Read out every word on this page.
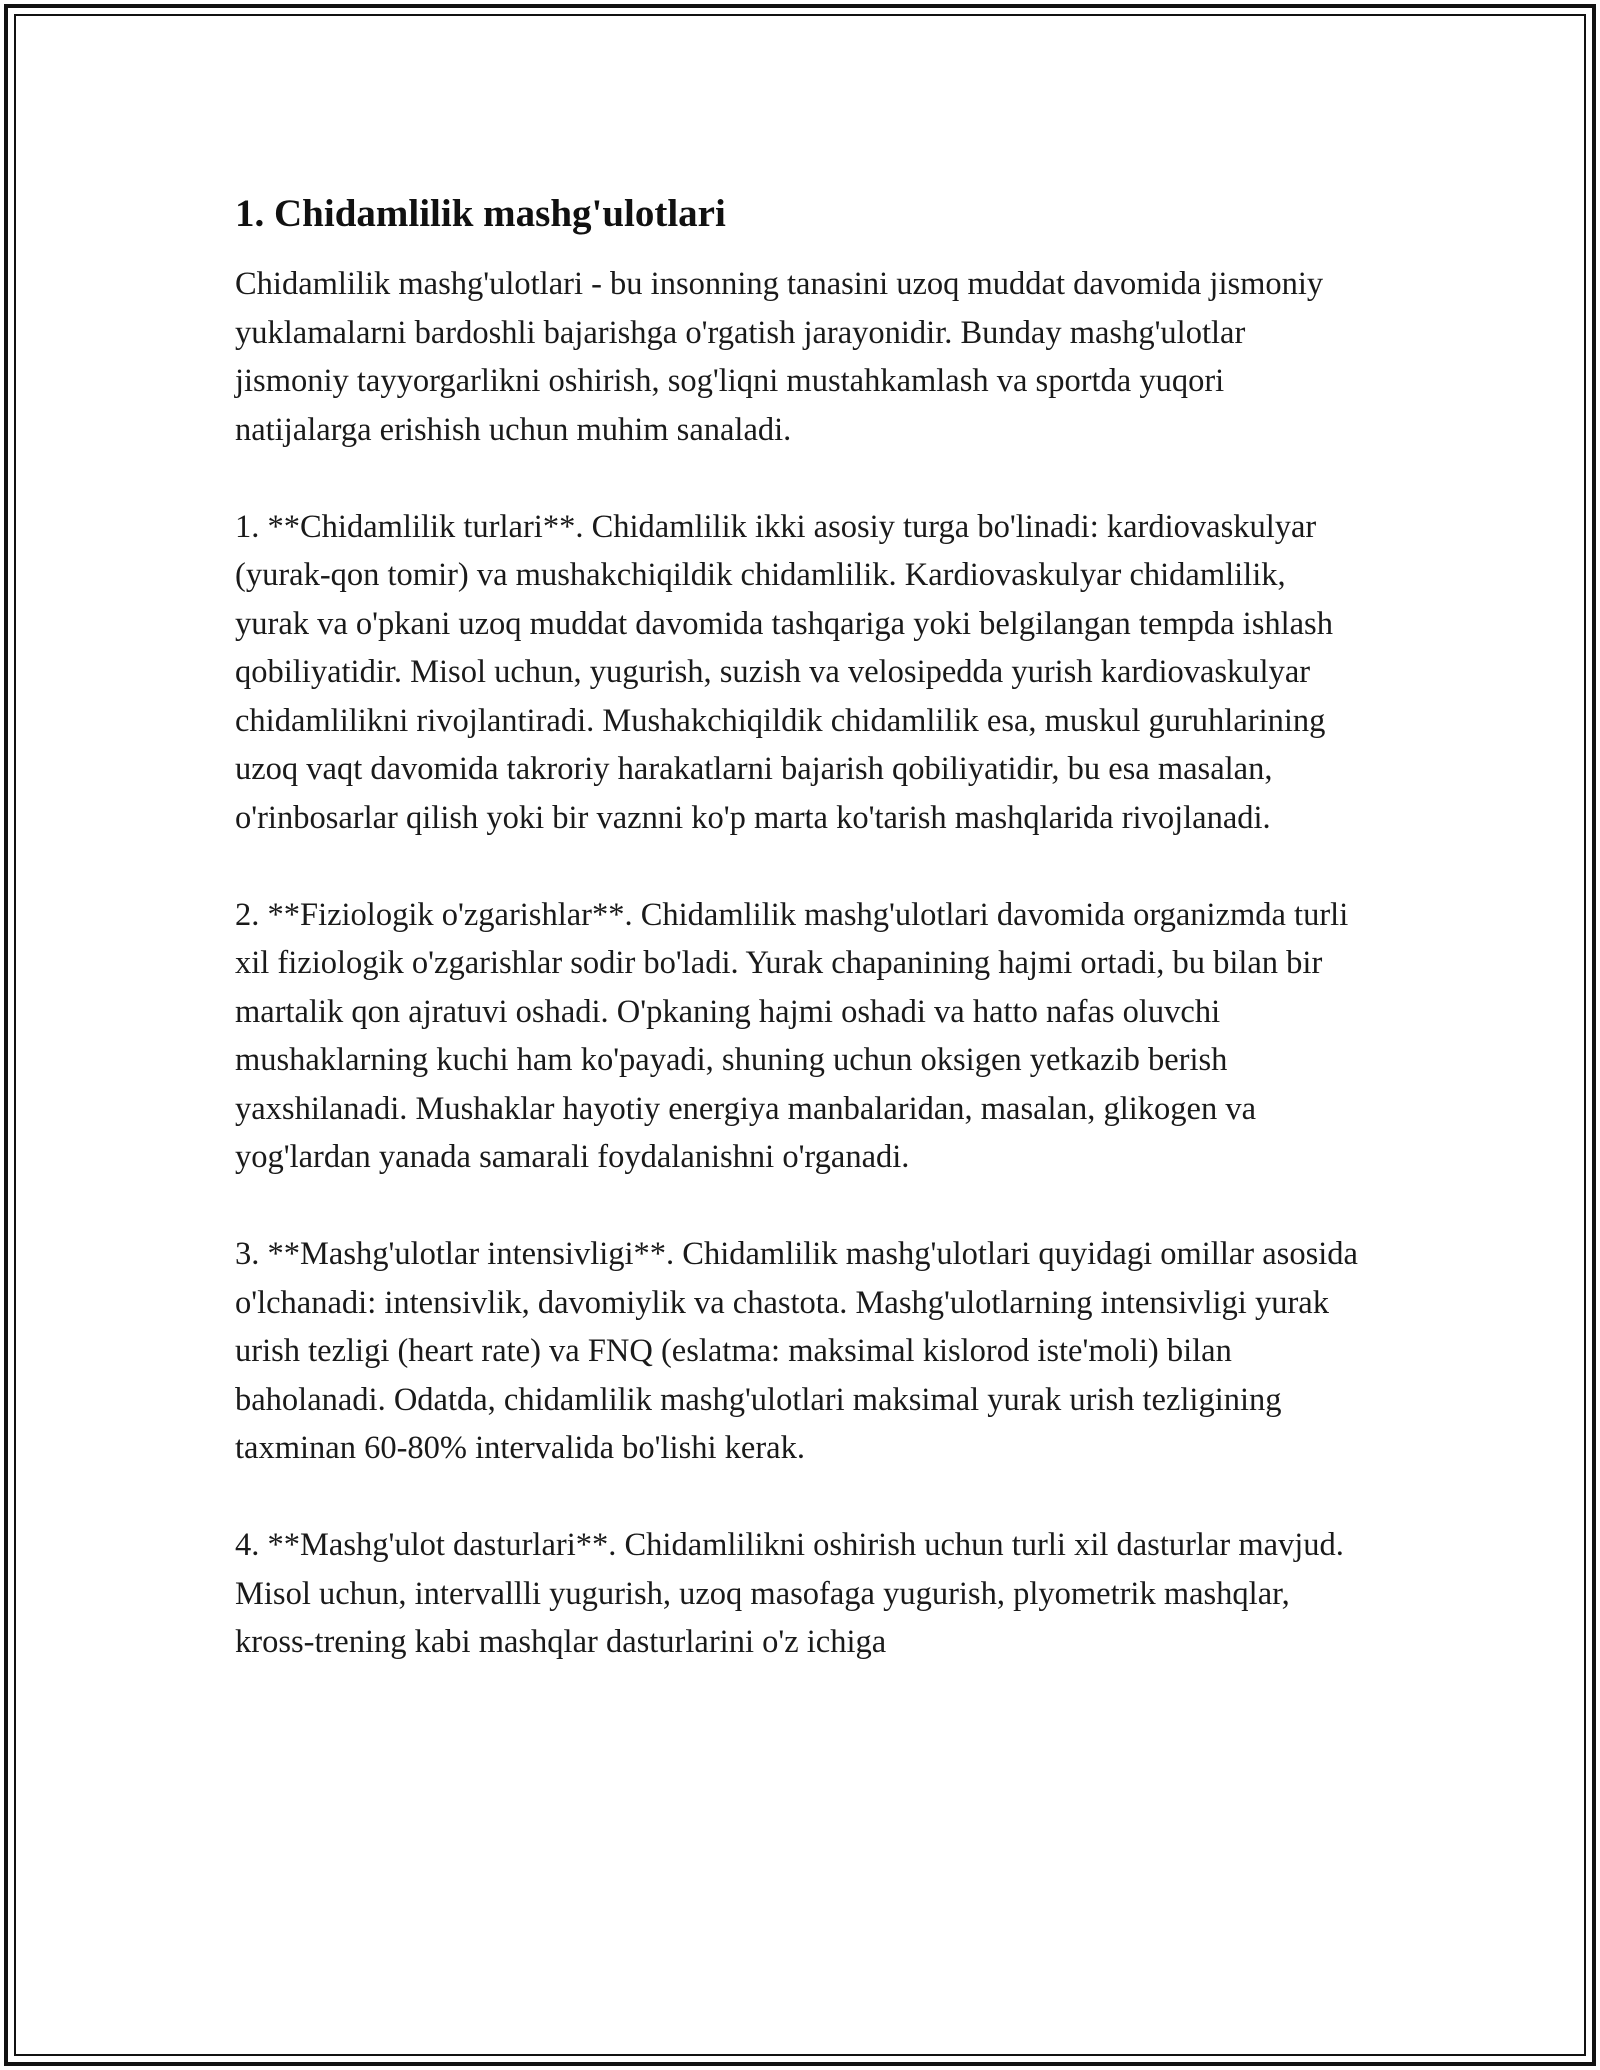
1. Chidamlilik mashg'ulotlari

Chidamlilik mashg'ulotlari - bu insonning tanasini uzoq muddat davomida jismoniy yuklamalarni bardoshli bajarishga o'rgatish jarayonidir. Bunday mashg'ulotlar jismoniy tayyorgarlikni oshirish, sog'liqni mustahkamlash va sportda yuqori natijalarga erishish uchun muhim sanaladi.

1. **Chidamlilik turlari**. Chidamlilik ikki asosiy turga bo'linadi: kardiovaskulyar (yurak-qon tomir) va mushakchiqildik chidamlilik. Kardiovaskulyar chidamlilik, yurak va o'pkani uzoq muddat davomida tashqariga yoki belgilangan tempda ishlash qobiliyatidir. Misol uchun, yugurish, suzish va velosipedda yurish kardiovaskulyar chidamlilikni rivojlantiradi. Mushakchiqildik chidamlilik esa, muskul guruhlarining uzoq vaqt davomida takroriy harakatlarni bajarish qobiliyatidir, bu esa masalan, o'rinbosarlar qilish yoki bir vaznni ko'p marta ko'tarish mashqlarida rivojlanadi.

2. **Fiziologik o'zgarishlar**. Chidamlilik mashg'ulotlari davomida organizmda turli xil fiziologik o'zgarishlar sodir bo'ladi. Yurak chapanining hajmi ortadi, bu bilan bir martalik qon ajratuvi oshadi. O'pkaning hajmi oshadi va hatto nafas oluvchi mushaklarning kuchi ham ko'payadi, shuning uchun oksigen yetkazib berish yaxshilanadi. Mushaklar hayotiy energiya manbalaridan, masalan, glikogen va yog'lardan yanada samarali foydalanishni o'rganadi.

3. **Mashg'ulotlar intensivligi**. Chidamlilik mashg'ulotlari quyidagi omillar asosida o'lchanadi: intensivlik, davomiylik va chastota. Mashg'ulotlarning intensivligi yurak urish tezligi (heart rate) va FNQ (eslatma: maksimal kislorod iste'moli) bilan baholanadi. Odatda, chidamlilik mashg'ulotlari maksimal yurak urish tezligining taxminan 60-80% intervalida bo'lishi kerak.

4. **Mashg'ulot dasturlari**. Chidamlilikni oshirish uchun turli xil dasturlar mavjud. Misol uchun, intervallli yugurish, uzoq masofaga yugurish, plyometrik mashqlar, kross-trening kabi mashqlar dasturlarini o'z ichiga
